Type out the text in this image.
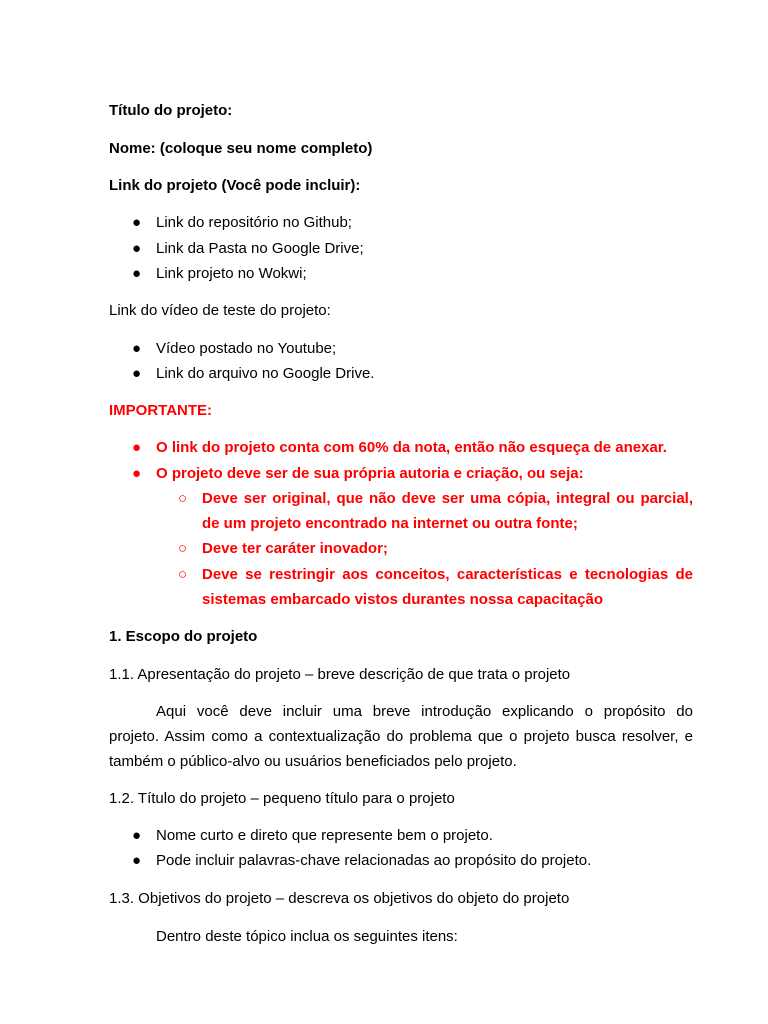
Título do projeto:
Nome: (coloque seu nome completo)
Link do projeto (Você pode incluir):
● Link do repositório no Github;
● Link da Pasta no Google Drive;
● Link projeto no Wokwi;
Link do vídeo de teste do projeto:
● Vídeo postado no Youtube;
● Link do arquivo no Google Drive.
IMPORTANTE:
● O link do projeto conta com 60% da nota, então não esqueça de anexar.
● O projeto deve ser de sua própria autoria e criação, ou seja:
○ Deve ser original, que não deve ser uma cópia, integral ou parcial,
de um projeto encontrado na internet ou outra fonte;
○ Deve ter caráter inovador;
○ Deve se restringir aos conceitos, características e tecnologias de
sistemas embarcado vistos durantes nossa capacitação
1. Escopo do projeto
1.1. Apresentação do projeto – breve descrição de que trata o projeto
Aqui você deve incluir uma breve introdução explicando o propósito do
projeto. Assim como a contextualização do problema que o projeto busca resolver, e
também o público-alvo ou usuários beneficiados pelo projeto.
1.2. Título do projeto – pequeno título para o projeto
● Nome curto e direto que represente bem o projeto.
● Pode incluir palavras-chave relacionadas ao propósito do projeto.
1.3. Objetivos do projeto – descreva os objetivos do objeto do projeto
Dentro deste tópico inclua os seguintes itens:
